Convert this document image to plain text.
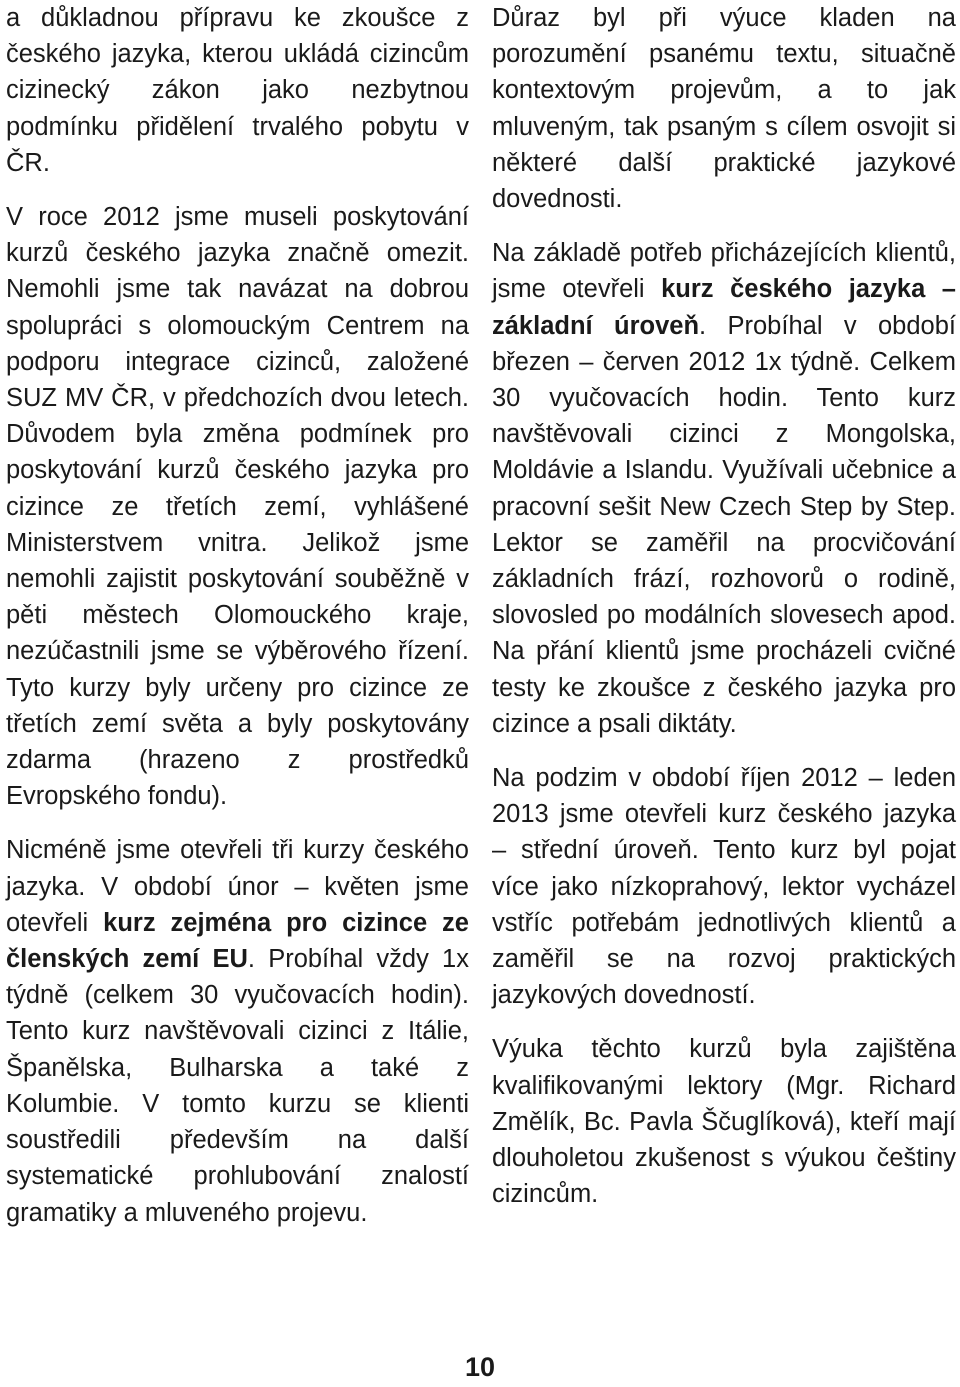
a důkladnou přípravu ke zkoušce z českého jazyka, kterou ukládá cizincům cizinecký zákon jako nezbytnou podmínku přidělení trvalého pobytu v ČR.

V roce 2012 jsme museli poskytování kurzů českého jazyka značně omezit. Nemohli jsme tak navázat na dobrou spolupráci s olomouckým Centrem na podporu integrace cizinců, založené SUZ MV ČR, v předchozích dvou letech. Důvodem byla změna podmínek pro poskytování kurzů českého jazyka pro cizince ze třetích zemí, vyhlášené Ministerstvem vnitra. Jelikož jsme nemohli zajistit poskytování souběžně v pěti městech Olomouckého kraje, nezúčastnili jsme se výběrového řízení. Tyto kurzy byly určeny pro cizince ze třetích zemí světa a byly poskytovány zdarma (hrazeno z prostředků Evropského fondu).

Nicméně jsme otevřeli tři kurzy českého jazyka. V období únor – květen jsme otevřeli kurz zejména pro cizince ze členských zemí EU. Probíhal vždy 1x týdně (celkem 30 vyučovacích hodin). Tento kurz navštěvovali cizinci z Itálie, Španělska, Bulharska a také z Kolumbie. V tomto kurzu se klienti soustředili především na další systematické prohlubování znalostí gramatiky a mluveného projevu.

Důraz byl při výuce kladen na porozumění psanému textu, situačně kontextovým projevům, a to jak mluveným, tak psaným s cílem osvojit si některé další praktické jazykové dovednosti.

Na základě potřeb přicházejících klientů, jsme otevřeli kurz českého jazyka – základní úroveň. Probíhal v období březen – červen 2012 1x týdně. Celkem 30 vyučovacích hodin. Tento kurz navštěvovali cizinci z Mongolska, Moldávie a Islandu. Využívali učebnice a pracovní sešit New Czech Step by Step. Lektor se zaměřil na procvičování základních frází, rozhovorů o rodině, slovosled po modálních slovesech apod. Na přání klientů jsme procházeli cvičné testy ke zkoušce z českého jazyka pro cizince a psali diktáty.

Na podzim v období říjen 2012 – leden 2013 jsme otevřeli kurz českého jazyka – střední úroveň. Tento kurz byl pojat více jako nízkoprahový, lektor vycházel vstříc potřebám jednotlivých klientů a zaměřil se na rozvoj praktických jazykových dovedností.

Výuka těchto kurzů byla zajištěna kvalifikovanými lektory (Mgr. Richard Změlík, Bc. Pavla Ščuglíková), kteří mají dlouholetou zkušenost s výukou češtiny cizincům.

10
